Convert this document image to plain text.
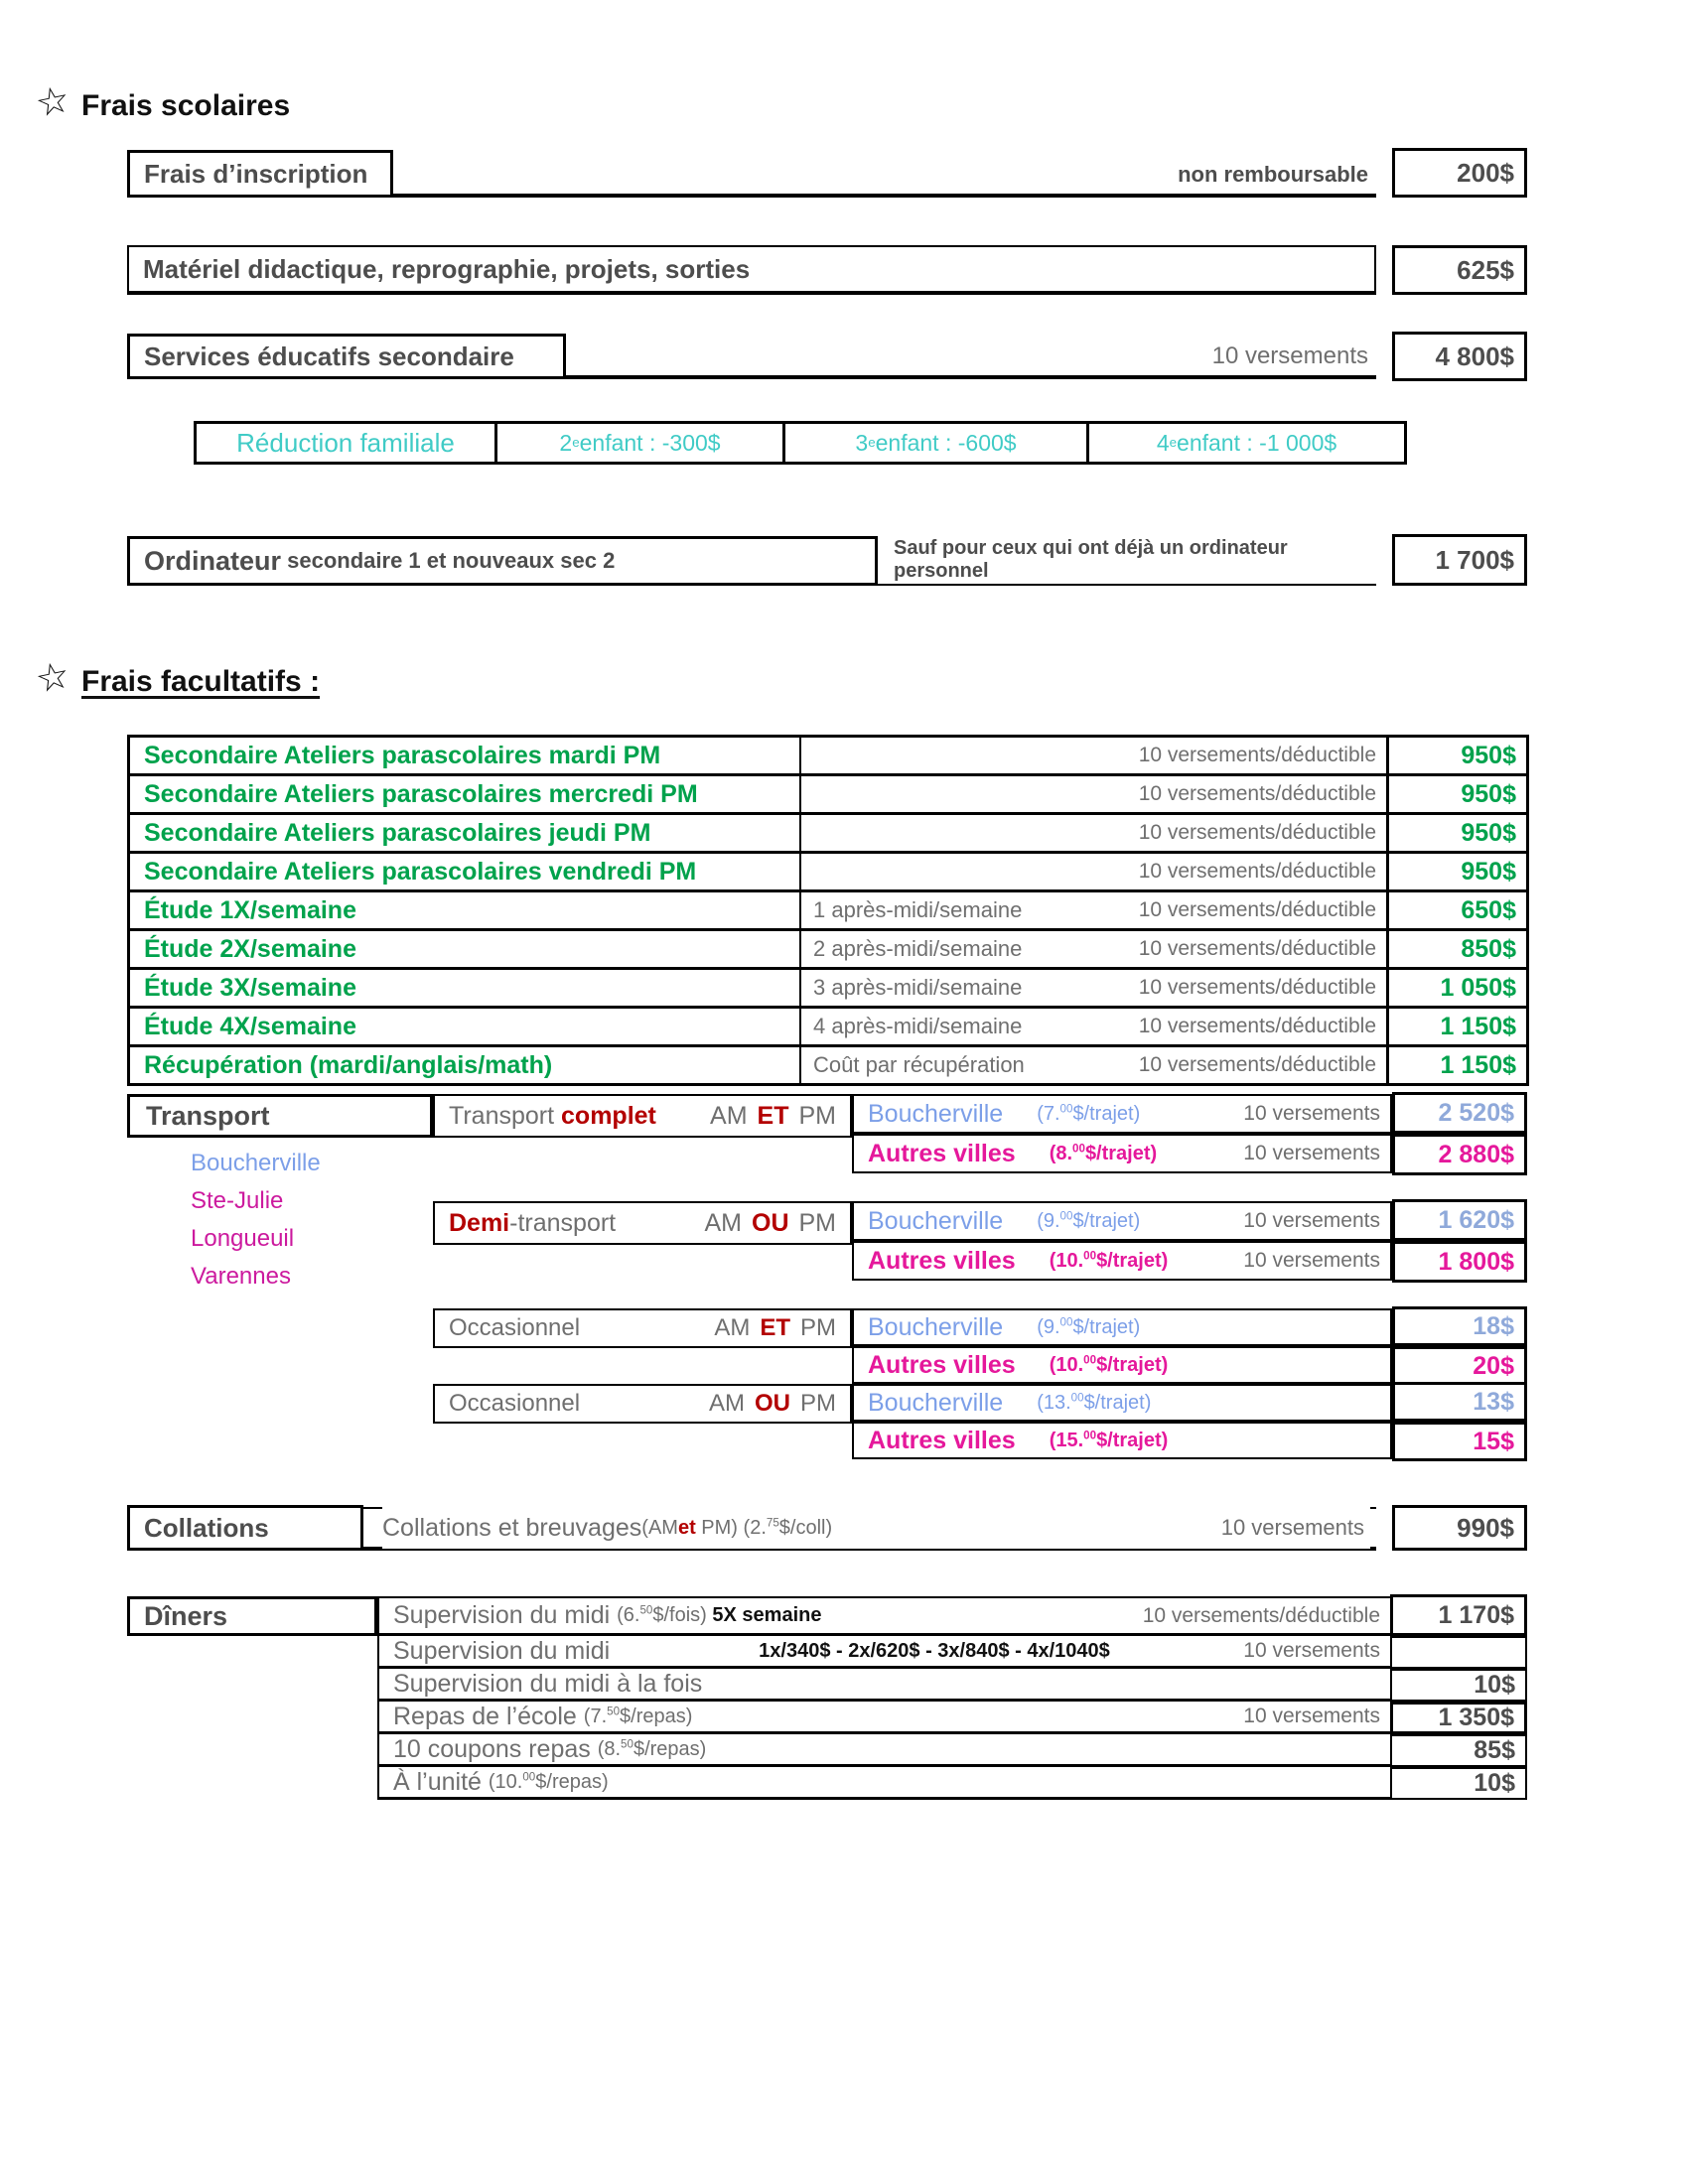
☆ Frais scolaires
Frais d’inscription	non remboursable	200$
Matériel didactique, reprographie, projets, sorties	625$
Services éducatifs secondaire	10 versements	4 800$
Réduction familiale	2 e enfant : -300$	3 e enfant : -600$	4 e enfant : -1 000$
Ordinateur secondaire 1 et nouveaux sec 2	Sauf pour ceux qui ont déjà un ordinateur personnel	1 700$
☆ Frais facultatifs :
Secondaire Ateliers parascolaires mardi PM	10 versements/déductible	950$
Secondaire Ateliers parascolaires mercredi PM	10 versements/déductible	950$
Secondaire Ateliers parascolaires jeudi PM	10 versements/déductible	950$
Secondaire Ateliers parascolaires vendredi PM	10 versements/déductible	950$
Étude 1X/semaine	1 après-midi/semaine	10 versements/déductible	650$
Étude 2X/semaine	2 après-midi/semaine	10 versements/déductible	850$
Étude 3X/semaine	3 après-midi/semaine	10 versements/déductible	1 050$
Étude 4X/semaine	4 après-midi/semaine	10 versements/déductible	1 150$
Récupération (mardi/anglais/math)	Coût par récupération	10 versements/déductible	1 150$
Transport
Boucherville
Ste-Julie
Longueuil
Varennes
Transport complet AM ET PM Boucherville (7.00$/trajet)	10 versements	2 520$
Autres villes (8.00$/trajet)	10 versements	2 880$
Demi -transport	AM OU PM Boucherville (9.00$/trajet)	10 versements	1 620$
Autres villes (10.00$/trajet)	10 versements	1 800$
Occasionnel	AM ET PM Boucherville (9.00$/trajet)	18$
Autres villes (10.00$/trajet)	20$
Occasionnel	AM OU PM Boucherville (13.00$/trajet)	13$
Autres villes (15.00$/trajet)	15$
Collations	Collations et breuvages (AM et PM) (2.75$/coll)	10 versements	990$
Dîners	Supervision du midi (6.50$/fois) 5X semaine	10 versements/déductible	1 170$
Supervision du midi	1x/340$ - 2x/620$ - 3x/840$ - 4x/1040$	10 versements
Supervision du midi à la fois	10$
Repas de l’école (7.50$/repas)	10 versements	1 350$
10 coupons repas (8.50$/repas)	85$
À l’unité (10.00$/repas)	10$
